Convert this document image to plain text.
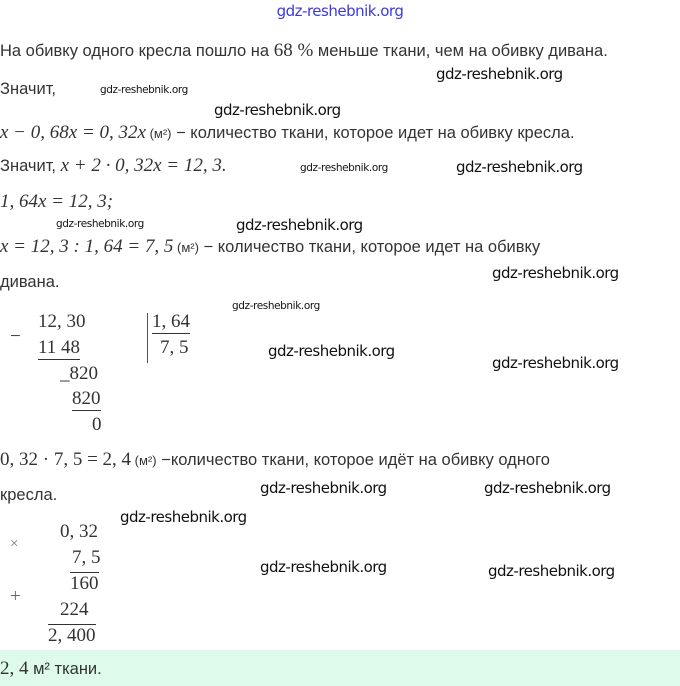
gdz-reshebnik.org
На обивку одного кресла пошло на 68 % меньше ткани, чем на обивку дивана.
gdz-reshebnik.org
gdz-reshebnik.org
Значит,
gdz-reshebnik.org
x − 0, 68x = 0, 32x (м²) − количество ткани, которое идет на обивку кресла.
Значит, x + 2 · 0, 32x = 12, 3.	gdz-reshebnik.org	gdz-reshebnik.org
1, 64x = 12, 3;
gdz-reshebnik.org	gdz-reshebnik.org
x = 12, 3 : 1, 64 = 7, 5 (м²) − количество ткани, которое идет на обивку
gdz-reshebnik.org
дивана.
gdz-reshebnik.org
−
12, 30
11 48
_820
820
0
1, 64
7, 5	gdz-reshebnik.org
gdz-reshebnik.org
0, 32 · 7, 5 = 2, 4 (м²) −количество ткани, которое идёт на обивку одного
gdz-reshebnik.org	gdz-reshebnik.org
кресла.
gdz-reshebnik.org
×
0, 32
7, 5
160
+
224
2, 400
gdz-reshebnik.org	gdz-reshebnik.org
2, 4 м² ткани.
